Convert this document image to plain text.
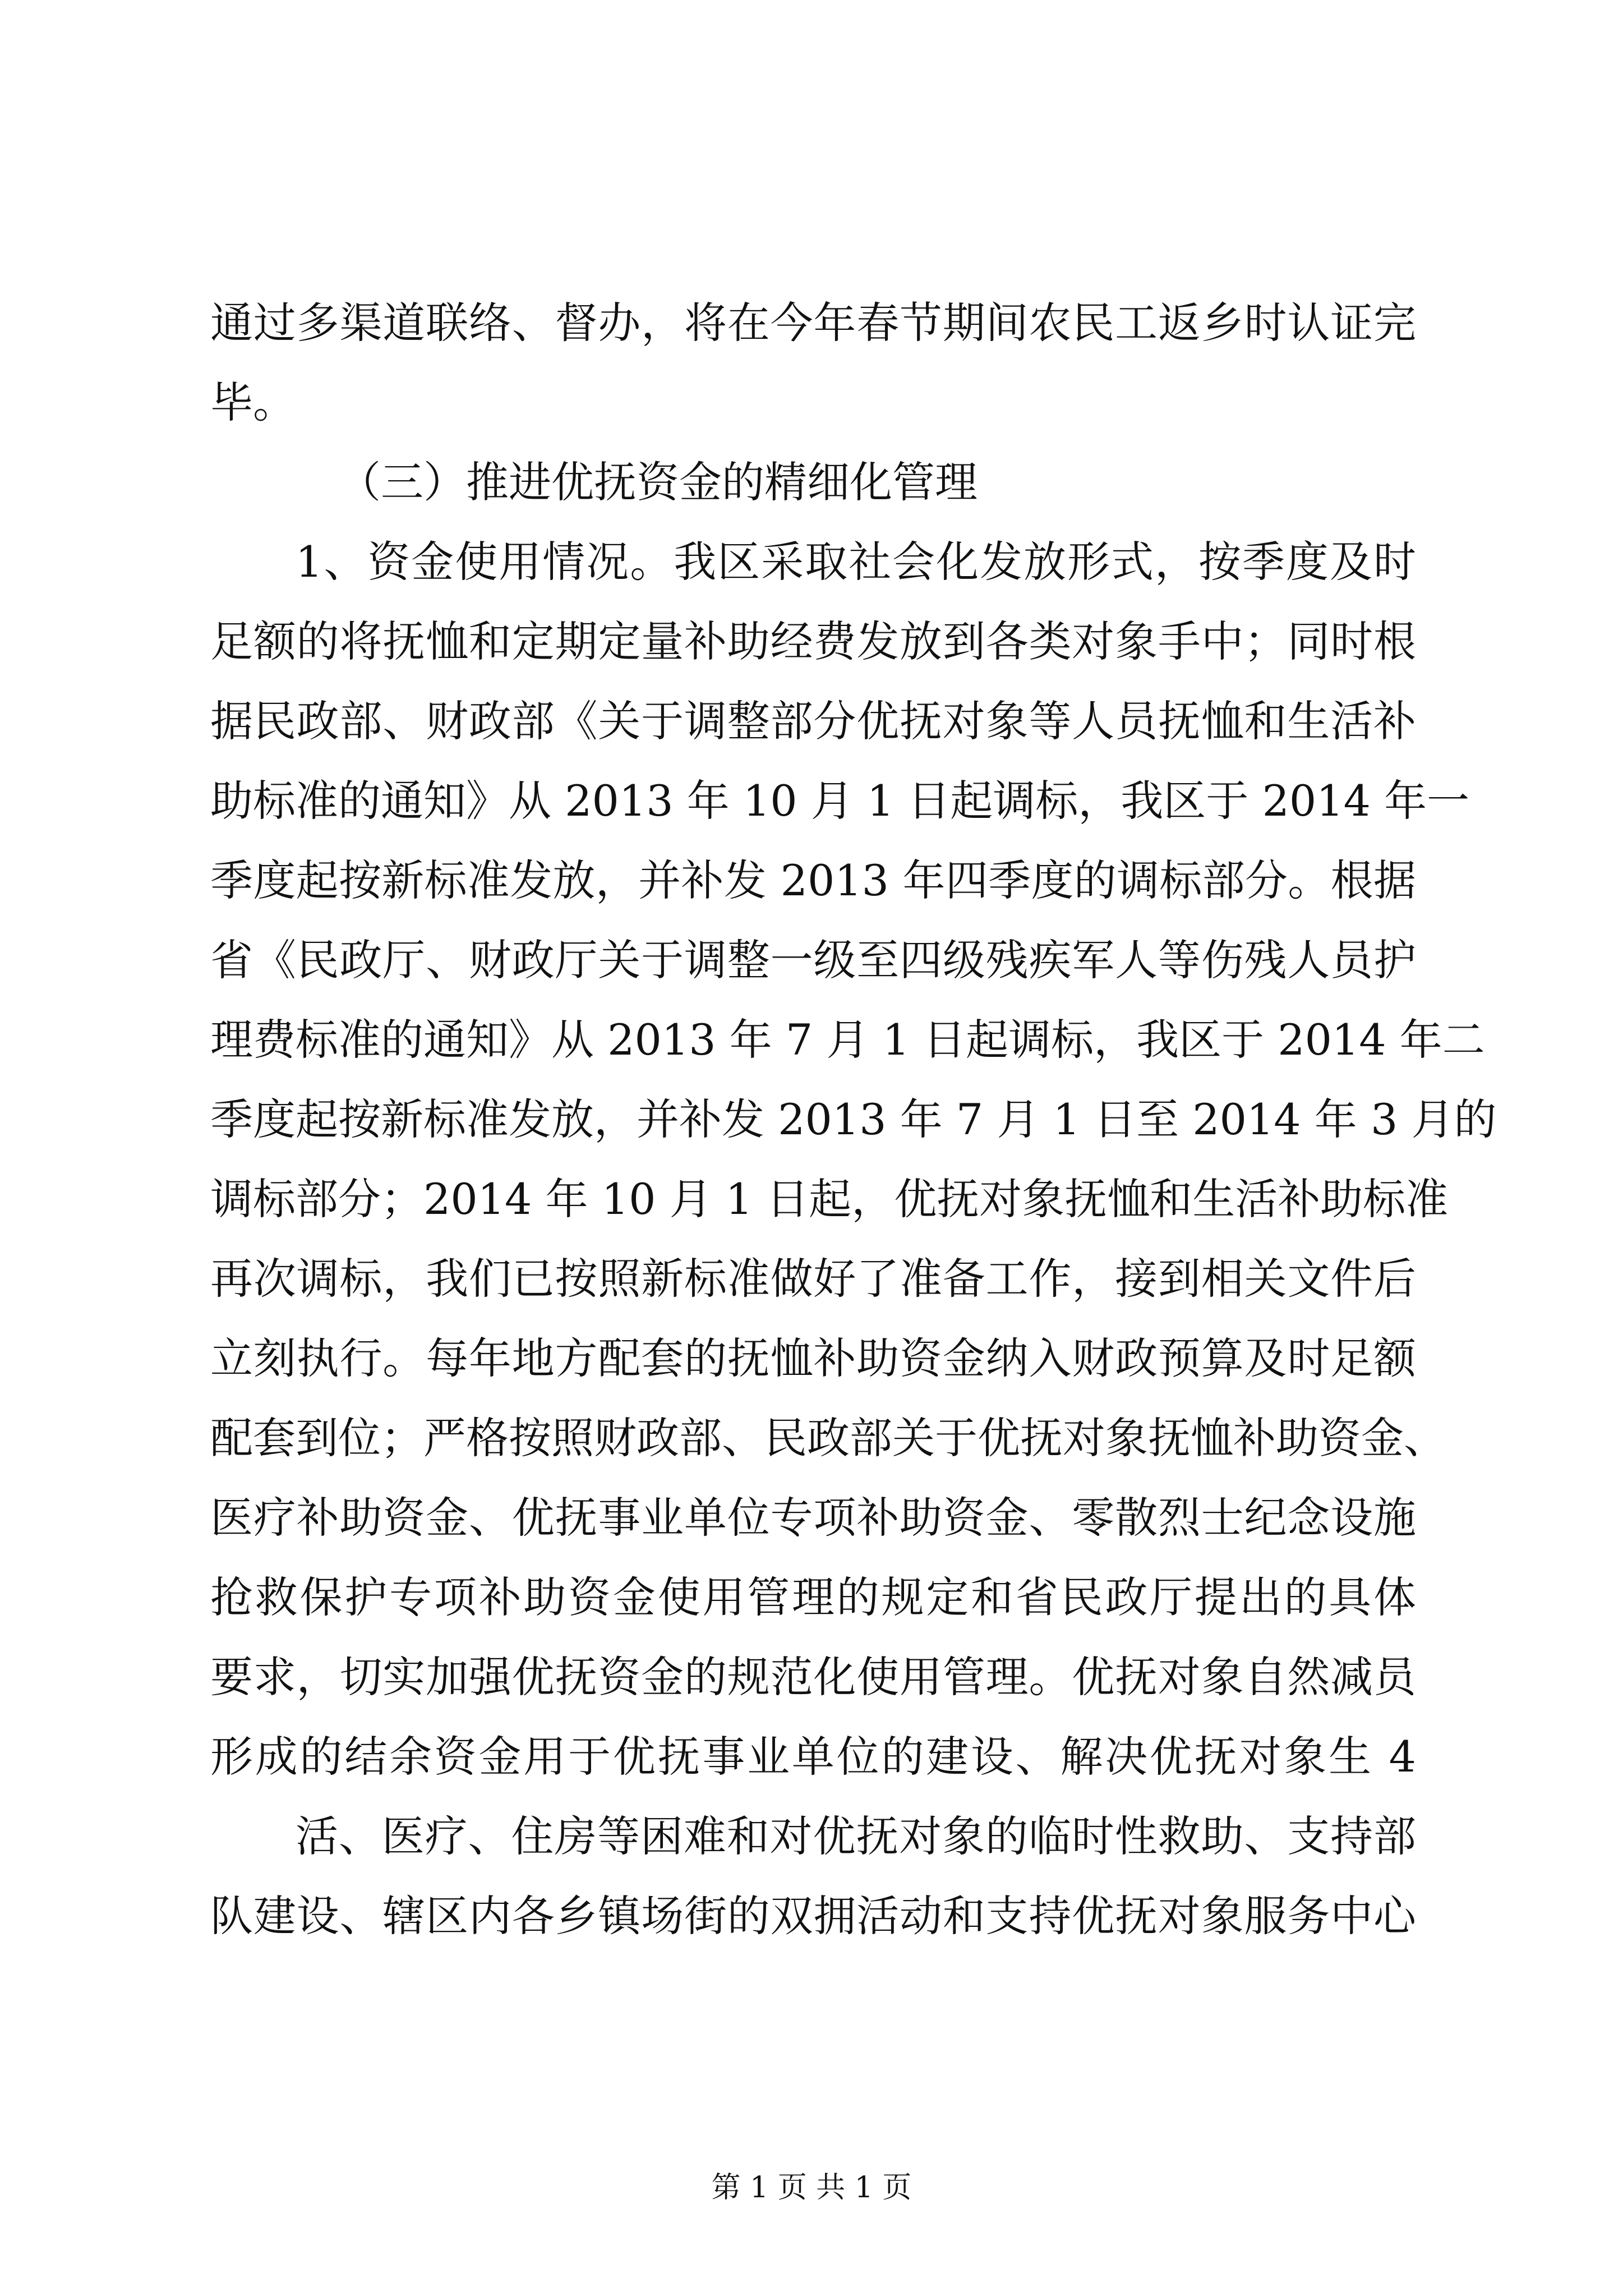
通过多渠道联络、督办，将在今年春节期间农民工返乡时认证完
毕。
（三）推进优抚资金的精细化管理
1、资金使用情况。我区采取社会化发放形式，按季度及时
足额的将抚恤和定期定量补助经费发放到各类对象手中；同时根
据民政部、财政部《关于调整部分优抚对象等人员抚恤和生活补
助标准的通知》从 2013 年 10 月 1 日起调标，我区于 2014 年一
季度起按新标准发放，并补发 2013 年四季度的调标部分。根据
省《民政厅、财政厅关于调整一级至四级残疾军人等伤残人员护
理费标准的通知》从 2013 年 7 月 1 日起调标，我区于 2014 年二
季度起按新标准发放，并补发 2013 年 7 月 1 日至 2014 年 3 月的
调标部分；2014 年 10 月 1 日起，优抚对象抚恤和生活补助标准
再次调标，我们已按照新标准做好了准备工作，接到相关文件后
立刻执行。每年地方配套的抚恤补助资金纳入财政预算及时足额
配套到位；严格按照财政部、民政部关于优抚对象抚恤补助资金、
医疗补助资金、优抚事业单位专项补助资金、零散烈士纪念设施
抢救保护专项补助资金使用管理的规定和省民政厅提出的具体
要求，切实加强优抚资金的规范化使用管理。优抚对象自然减员
形成的结余资金用于优抚事业单位的建设、解决优抚对象生 4
活、医疗、住房等困难和对优抚对象的临时性救助、支持部
队建设、辖区内各乡镇场街的双拥活动和支持优抚对象服务中心
第 1 页 共 1 页
